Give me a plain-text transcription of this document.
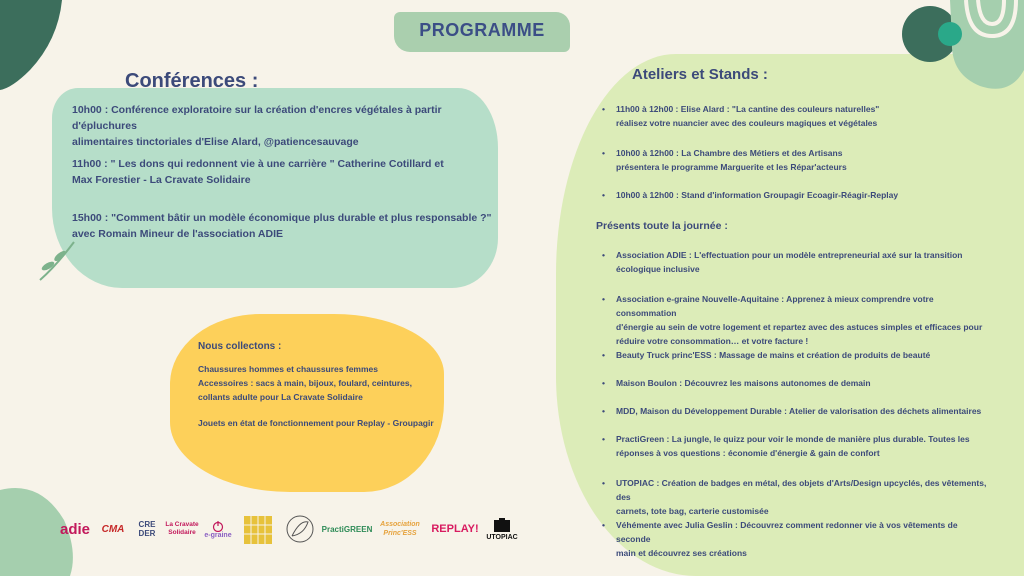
PROGRAMME
Conférences :
10h00 : Conférence exploratoire sur la création d'encres végétales à partir d'épluchures
alimentaires tinctoriales d'Elise Alard, @patiencesauvage
11h00 : " Les dons qui redonnent vie à une carrière " Catherine Cotillard et
Max Forestier - La Cravate Solidaire
15h00 : "Comment bâtir un modèle économique plus durable et plus responsable ?"
avec Romain Mineur de l'association ADIE
Nous collectons :
Chaussures hommes et chaussures femmes
Accessoires : sacs à main, bijoux, foulard, ceintures,
collants adulte pour La Cravate Solidaire
Jouets en état de fonctionnement pour Replay - Groupagir
Ateliers et Stands :
• 11h00 à 12h00 : Elise Alard : "La cantine des couleurs naturelles"
réalisez votre nuancier avec des couleurs magiques et végétales
• 10h00 à 12h00 : La Chambre des Métiers et des Artisans
présentera le programme Marguerite et les Répar'acteurs
• 10h00 à 12h00 : Stand d'information Groupagir Ecoagir-Réagir-Replay
Présents toute la journée :
• Association ADIE : L'effectuation pour un modèle entrepreneurial axé sur la transition
écologique inclusive
• Association e-graine Nouvelle-Aquitaine : Apprenez à mieux comprendre votre consommation
d'énergie au sein de votre logement et repartez avec des astuces simples et efficaces pour
réduire votre consommation… et votre facture !
• Beauty Truck princ'ESS : Massage de mains et création de produits de beauté
• Maison Boulon : Découvrez les maisons autonomes de demain
• MDD, Maison du Développement Durable : Atelier de valorisation des déchets alimentaires
• PractiGreen : La jungle, le quizz pour voir le monde de manière plus durable. Toutes les
réponses à vos questions : économie d'énergie & gain de confort
• UTOPIAC : Création de badges en métal, des objets d'Arts/Design upcyclés, des vêtements, des
carnets, tote bag, carterie customisée
• Véhémente avec Julia Geslin : Découvrez comment redonner vie à vos vêtements de seconde
main et découvrez ses créations
adie	CMA	CRE DER
La Cravate Solidaire	e-graine
PractiGREEN	Association Princ'ESS	REPLAY!
UTOPIAC
